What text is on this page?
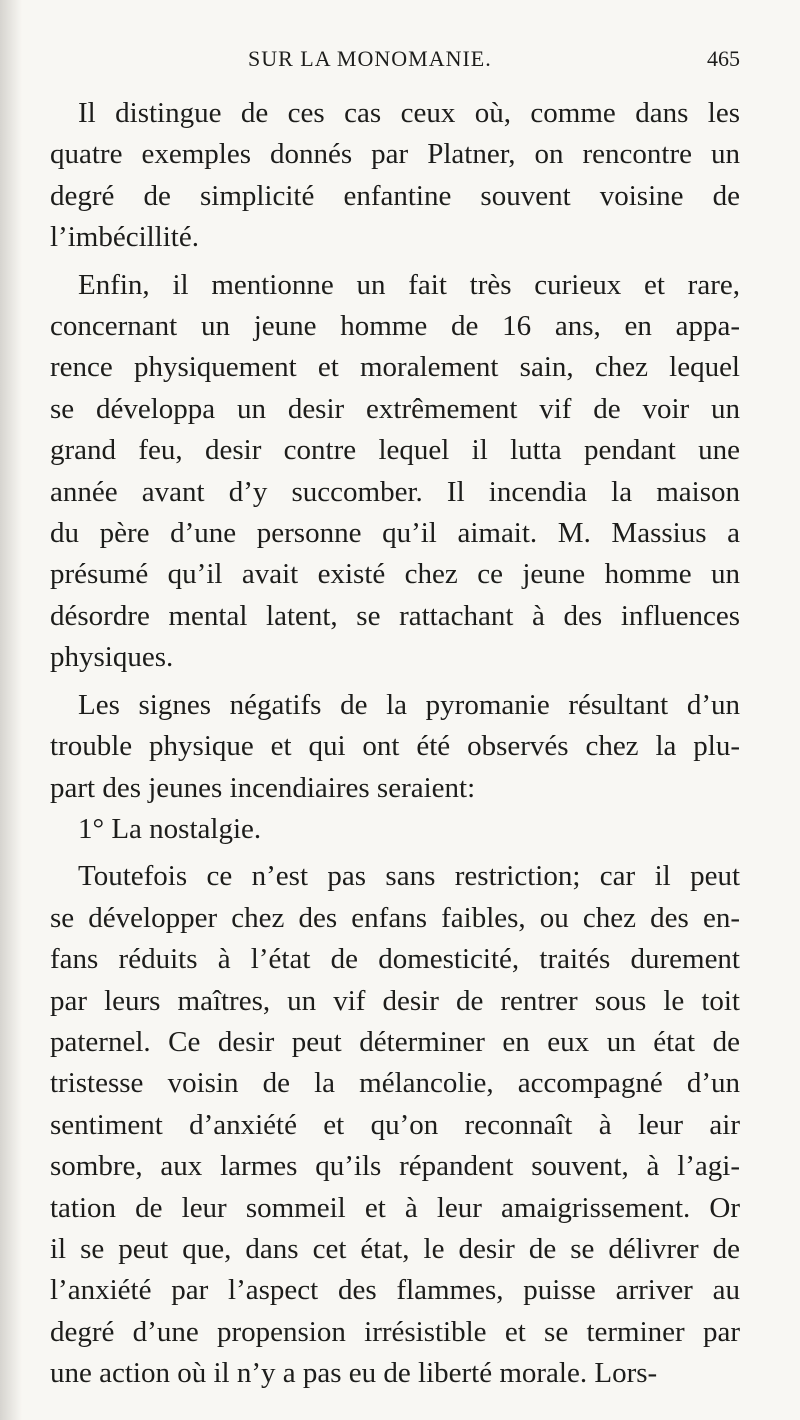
SUR LA MONOMANIE.	465
Il distingue de ces cas ceux où, comme dans les
quatre exemples donnés par Platner, on rencontre un
degré de simplicité enfantine souvent voisine de
l’imbécillité.
Enfin, il mentionne un fait très curieux et rare,
concernant un jeune homme de 16 ans, en appa-
rence physiquement et moralement sain, chez lequel
se développa un desir extrêmement vif de voir un
grand feu, desir contre lequel il lutta pendant une
année avant d’y succomber. Il incendia la maison
du père d’une personne qu’il aimait. M. Massius a
présumé qu’il avait existé chez ce jeune homme un
désordre mental latent, se rattachant à des influences
physiques.
Les signes négatifs de la pyromanie résultant d’un
trouble physique et qui ont été observés chez la plu-
part des jeunes incendiaires seraient:
1° La nostalgie.
Toutefois ce n’est pas sans restriction; car il peut
se développer chez des enfans faibles, ou chez des en-
fans réduits à l’état de domesticité, traités durement
par leurs maîtres, un vif desir de rentrer sous le toit
paternel. Ce desir peut déterminer en eux un état de
tristesse voisin de la mélancolie, accompagné d’un
sentiment d’anxiété et qu’on reconnaît à leur air
sombre, aux larmes qu’ils répandent souvent, à l’agi-
tation de leur sommeil et à leur amaigrissement. Or
il se peut que, dans cet état, le desir de se délivrer de
l’anxiété par l’aspect des flammes, puisse arriver au
degré d’une propension irrésistible et se terminer par
une action où il n’y a pas eu de liberté morale. Lors-
